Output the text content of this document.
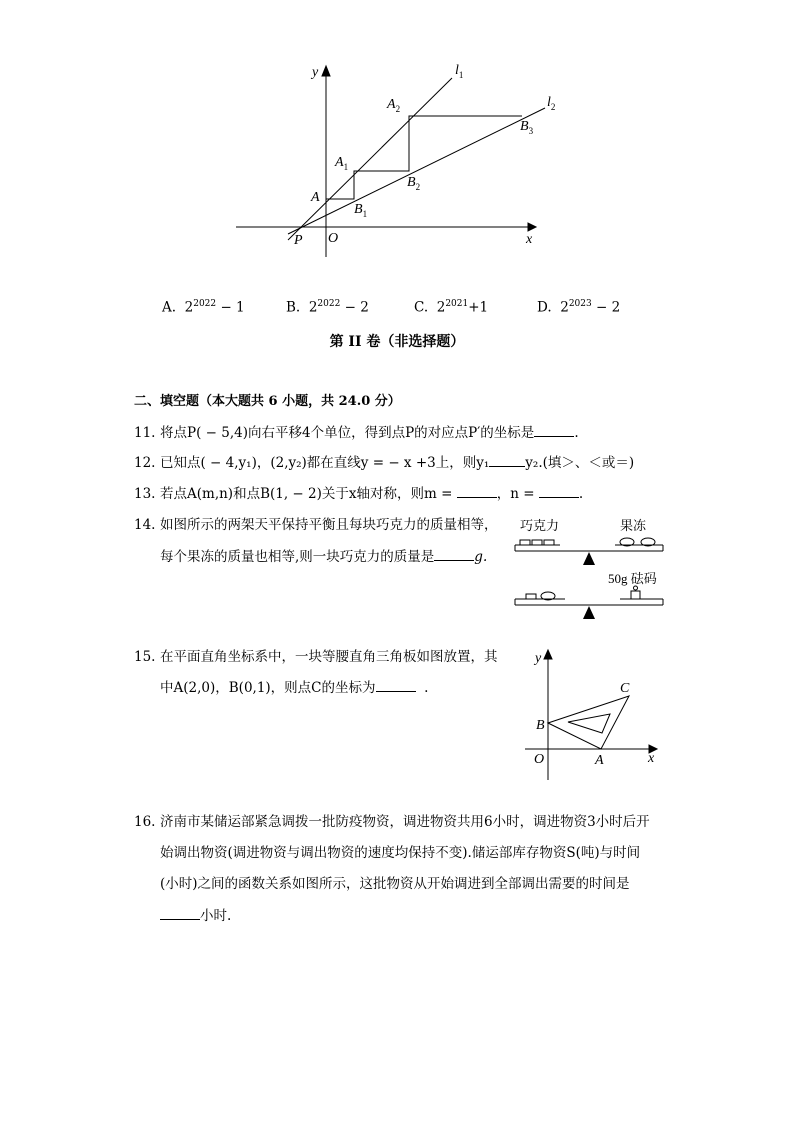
y
x
$l_1$
$l_2$
$A_2$
$B_3$
$A_1$
$B_2$
A
$B_1$
P O
A. $2^{2022} - 1$	B. $2^{2022} - 2$	C. $2^{2021}+1$	D. $2^{2023} - 2$
第 II 卷（非选择题）
二、填空题（本大题共 6 小题，共 24.0 分）
11. 将点P( − 5,4)向右平移4个单位，得到点P的对应点P′的坐标是	.
12. 已知点( − 4,y₁)，(2,y₂)都在直线y = − x +3上，则y₁	y₂.(填＞、＜或＝)
13. 若点A(m,n)和点B(1, − 2)关于x轴对称，则m =	，n =	.
14. 如图所示的两架天平保持平衡且每块巧克力的质量相等，
每个果冻的质量也相等,则一块巧克力的质量是	g.
巧克力	果冻
50g 砝码
15. 在平面直角坐标系中，一块等腰直角三角板如图放置，其
中A(2,0)，B(0,1)，则点C的坐标为	.
y
x
C
B
O	A
16. 济南市某储运部紧急调拨一批防疫物资，调进物资共用6小时，调进物资3小时后开
始调出物资(调进物资与调出物资的速度均保持不变).储运部库存物资S(吨)与时间
(小时)之间的函数关系如图所示，这批物资从开始调进到全部调出需要的时间是
小时.
